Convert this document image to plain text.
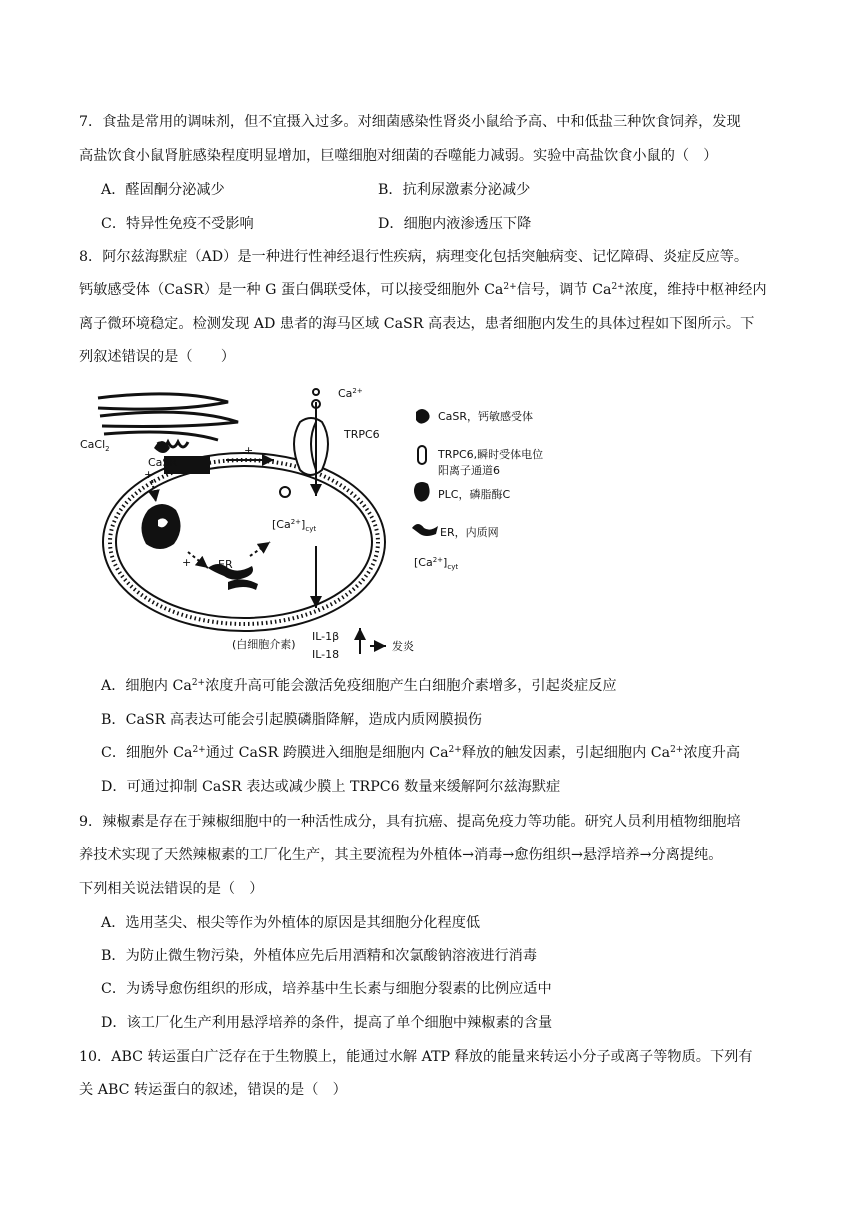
7．食盐是常用的调味剂，但不宜摄入过多。对细菌感染性肾炎小鼠给予高、中和低盐三种饮食饲养，发现
高盐饮食小鼠肾脏感染程度明显增加，巨噬细胞对细菌的吞噬能力减弱。实验中高盐饮食小鼠的（　）
A．醛固酮分泌减少	B．抗利尿激素分泌减少
C．特异性免疫不受影响	D．细胞内液渗透压下降
8．阿尔兹海默症（AD）是一种进行性神经退行性疾病，病理变化包括突触病变、记忆障碍、炎症反应等。
钙敏感受体（CaSR）是一种 G 蛋白偶联受体，可以接受细胞外 $Ca^{2+}$信号，调节 $Ca^{2+}$浓度，维持中枢神经内
离子微环境稳定。检测发现 AD 患者的海马区域 CaSR 高表达，患者细胞内发生的具体过程如下图所示。下
列叙述错误的是（　　）
$Ca^{2+}$
TRPC6
CaCl$_2$
CaSR
+
+
+ ER
$[Ca^{2+}]_{cyt}$
CaSR，钙敏感受体
TRPC6,瞬时受体电位
阳离子通道6
PLC，磷脂酶C
ER，内质网
$[Ca^{2+}]_{cyt}$
(白细胞介素)
IL-1β
IL-18
发炎
A．细胞内 $Ca^{2+}$浓度升高可能会激活免疫细胞产生白细胞介素增多，引起炎症反应
B．CaSR 高表达可能会引起膜磷脂降解，造成内质网膜损伤
C．细胞外 $Ca^{2+}$通过 CaSR 跨膜进入细胞是细胞内 $Ca^{2+}$释放的触发因素，引起细胞内 $Ca^{2+}$浓度升高
D．可通过抑制 CaSR 表达或减少膜上 TRPC6 数量来缓解阿尔兹海默症
9．辣椒素是存在于辣椒细胞中的一种活性成分，具有抗癌、提高免疫力等功能。研究人员利用植物细胞培
养技术实现了天然辣椒素的工厂化生产，其主要流程为外植体→消毒→愈伤组织→悬浮培养→分离提纯。
下列相关说法错误的是（　）
A．选用茎尖、根尖等作为外植体的原因是其细胞分化程度低
B．为防止微生物污染，外植体应先后用酒精和次氯酸钠溶液进行消毒
C．为诱导愈伤组织的形成，培养基中生长素与细胞分裂素的比例应适中
D．该工厂化生产利用悬浮培养的条件，提高了单个细胞中辣椒素的含量
10．ABC 转运蛋白广泛存在于生物膜上，能通过水解 ATP 释放的能量来转运小分子或离子等物质。下列有
关 ABC 转运蛋白的叙述，错误的是（　）
